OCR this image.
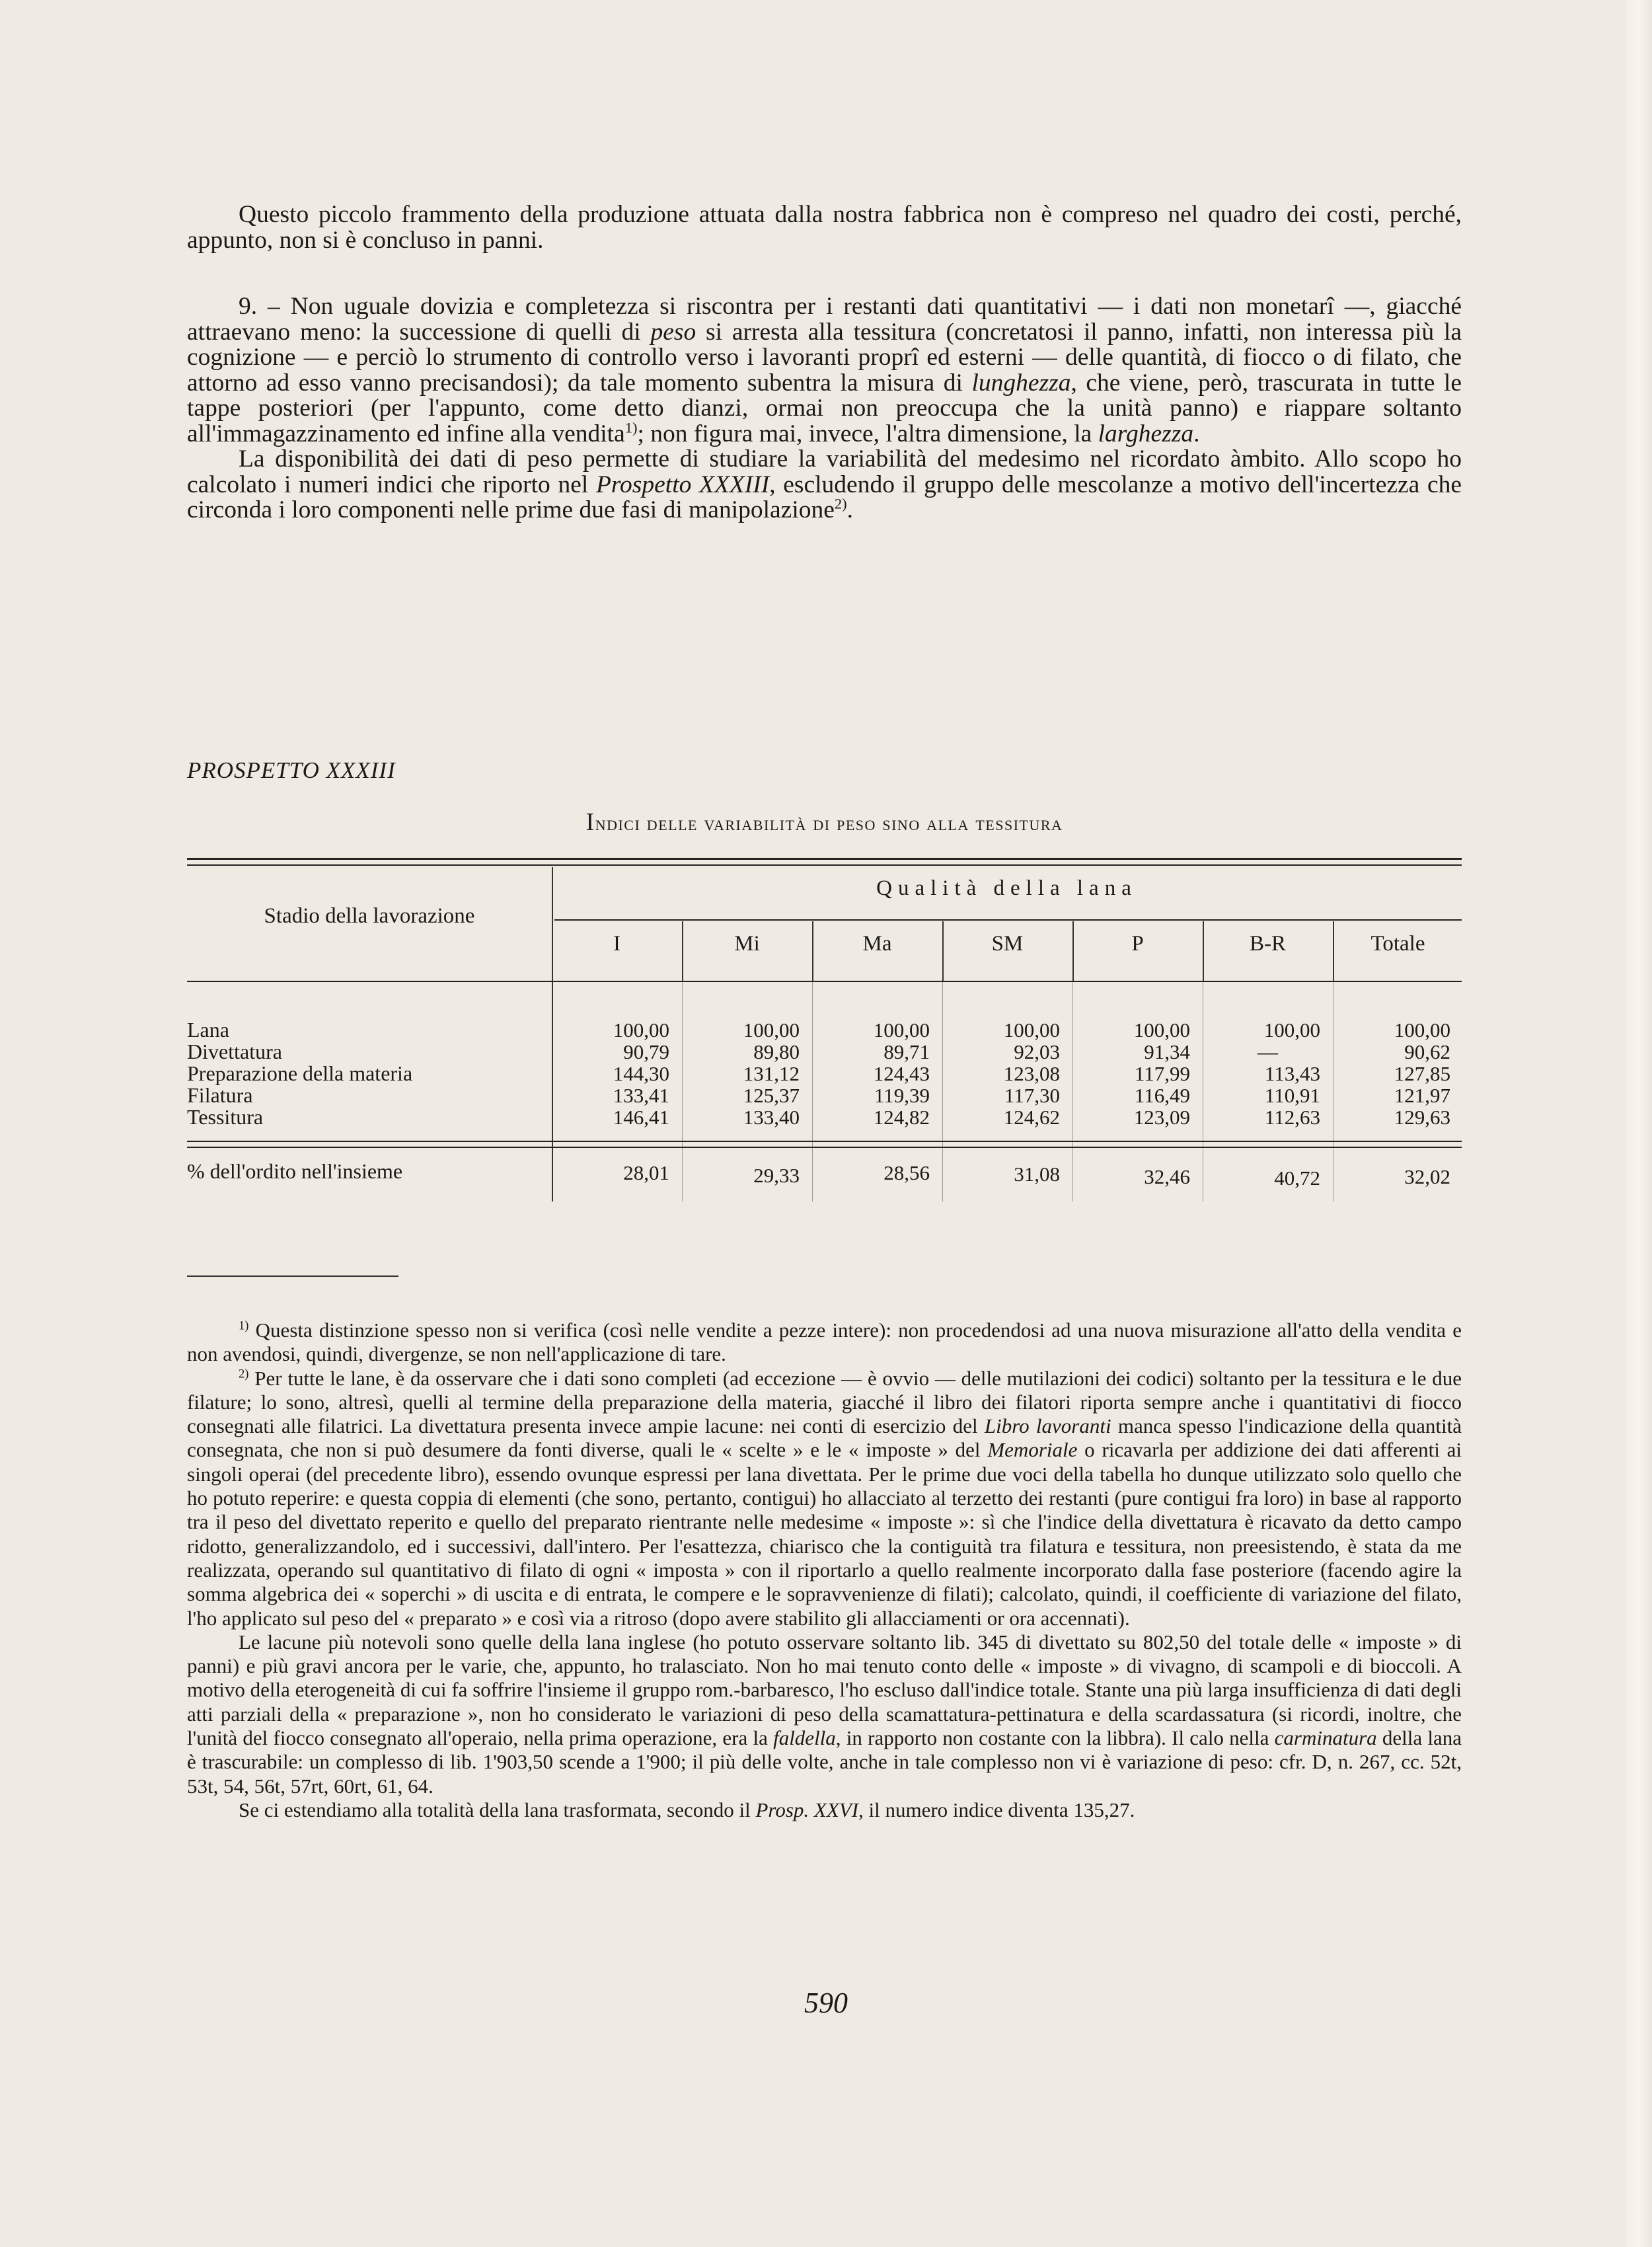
Questo piccolo frammento della produzione attuata dalla nostra fabbrica non è compreso nel quadro dei costi, perché, appunto, non si è concluso in panni.

9. – Non uguale dovizia e completezza si riscontra per i restanti dati quantitativi — i dati non monetarî —, giacché attraevano meno: la successione di quelli di peso si arresta alla tessitura (concretatosi il panno, infatti, non interessa più la cognizione — e perciò lo strumento di controllo verso i lavoranti proprî ed esterni — delle quantità, di fiocco o di filato, che attorno ad esso vanno precisandosi); da tale momento subentra la misura di lunghezza, che viene, però, trascurata in tutte le tappe posteriori (per l'appunto, come detto dianzi, ormai non preoccupa che la unità panno) e riappare soltanto all'immagazzinamento ed infine alla vendita$^{1)}$; non figura mai, invece, l'altra dimensione, la larghezza.

La disponibilità dei dati di peso permette di studiare la variabilità del medesimo nel ricordato àmbito. Allo scopo ho calcolato i numeri indici che riporto nel Prospetto XXXIII, escludendo il gruppo delle mescolanze a motivo dell'incertezza che circonda i loro componenti nelle prime due fasi di manipolazione$^{2)}$.

PROSPETTO XXXIII
Indici delle variabilità di peso sino alla tessitura
Stadio della lavorazione
Qualità della lana
I	Mi	Ma	SM	P	B-R	Totale
Lana	100,00	100,00	100,00	100,00	100,00	100,00	100,00
Divettatura	90,79	89,80	89,71	92,03	91,34	—	90,62
Preparazione della materia	144,30	131,12	124,43	123,08	117,99	113,43	127,85
Filatura	133,41	125,37	119,39	117,30	116,49	110,91	121,97
Tessitura	146,41	133,40	124,82	124,62	123,09	112,63	129,63
% dell'ordito nell'insieme	28,01	29,33	28,56	31,08	32,46	40,72	32,02

$^{1)}$ Questa distinzione spesso non si verifica (così nelle vendite a pezze intere): non procedendosi ad una nuova misurazione all'atto della vendita e non avendosi, quindi, divergenze, se non nell'applicazione di tare.

$^{2)}$ Per tutte le lane, è da osservare che i dati sono completi (ad eccezione — è ovvio — delle mutilazioni dei codici) soltanto per la tessitura e le due filature; lo sono, altresì, quelli al termine della preparazione della materia, giacché il libro dei filatori riporta sempre anche i quantitativi di fiocco consegnati alle filatrici. La divettatura presenta invece ampie lacune: nei conti di esercizio del Libro lavoranti manca spesso l'indicazione della quantità consegnata, che non si può desumere da fonti diverse, quali le « scelte » e le « imposte » del Memoriale o ricavarla per addizione dei dati afferenti ai singoli operai (del precedente libro), essendo ovunque espressi per lana divettata. Per le prime due voci della tabella ho dunque utilizzato solo quello che ho potuto reperire: e questa coppia di elementi (che sono, pertanto, contigui) ho allacciato al terzetto dei restanti (pure contigui fra loro) in base al rapporto tra il peso del divettato reperito e quello del preparato rientrante nelle medesime « imposte »: sì che l'indice della divettatura è ricavato da detto campo ridotto, generalizzandolo, ed i successivi, dall'intero. Per l'esattezza, chiarisco che la contiguità tra filatura e tessitura, non preesistendo, è stata da me realizzata, operando sul quantitativo di filato di ogni « imposta » con il riportarlo a quello realmente incorporato dalla fase posteriore (facendo agire la somma algebrica dei « soperchi » di uscita e di entrata, le compere e le sopravvenienze di filati); calcolato, quindi, il coefficiente di variazione del filato, l'ho applicato sul peso del « preparato » e così via a ritroso (dopo avere stabilito gli allacciamenti or ora accennati).

Le lacune più notevoli sono quelle della lana inglese (ho potuto osservare soltanto lib. 345 di divettato su 802,50 del totale delle « imposte » di panni) e più gravi ancora per le varie, che, appunto, ho tralasciato. Non ho mai tenuto conto delle « imposte » di vivagno, di scampoli e di bioccoli. A motivo della eterogeneità di cui fa soffrire l'insieme il gruppo rom.-barbaresco, l'ho escluso dall'indice totale. Stante una più larga insufficienza di dati degli atti parziali della « preparazione », non ho considerato le variazioni di peso della scamattatura-pettinatura e della scardassatura (si ricordi, inoltre, che l'unità del fiocco consegnato all'operaio, nella prima operazione, era la faldella, in rapporto non costante con la libbra). Il calo nella carminatura della lana è trascurabile: un complesso di lib. 1'903,50 scende a 1'900; il più delle volte, anche in tale complesso non vi è variazione di peso: cfr. D, n. 267, cc. 52t, 53t, 54, 56t, 57rt, 60rt, 61, 64.

Se ci estendiamo alla totalità della lana trasformata, secondo il Prosp. XXVI, il numero indice diventa 135,27.

590
